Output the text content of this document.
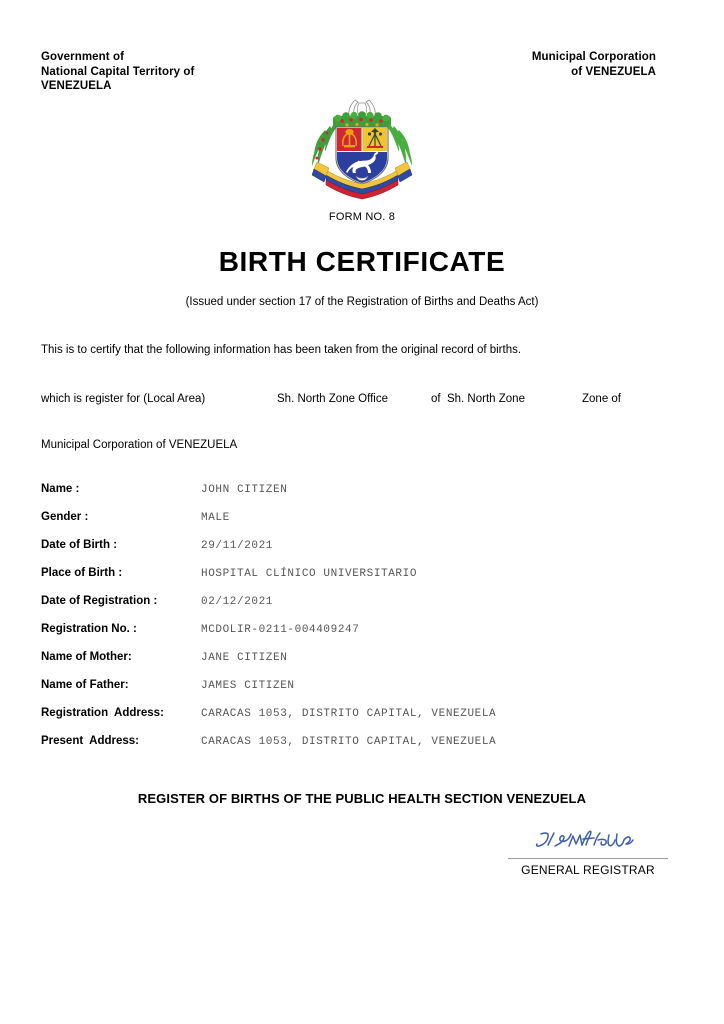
Government of
National Capital Territory of
VENEZUELA
Municipal Corporation
of VENEZUELA
FORM NO. 8
BIRTH CERTIFICATE
(Issued under section 17 of the Registration of Births and Deaths Act)
This is to certify that the following information has been taken from the original record of births.
which is register for (Local Area)	Sh. North Zone Office	of  Sh. North Zone	Zone of
Municipal Corporation of VENEZUELA
Name :	JOHN CITIZEN
Gender :	MALE
Date of Birth :	29/11/2021
Place of Birth :	HOSPITAL CLÍNICO UNIVERSITARIO
Date of Registration :	02/12/2021
Registration No. :	MCDOLIR-0211-004409247
Name of Mother:	JANE CITIZEN
Name of Father:	JAMES CITIZEN
Registration  Address:	CARACAS 1053, DISTRITO CAPITAL, VENEZUELA
Present  Address:	CARACAS 1053, DISTRITO CAPITAL, VENEZUELA
REGISTER OF BIRTHS OF THE PUBLIC HEALTH SECTION VENEZUELA
GENERAL REGISTRAR
